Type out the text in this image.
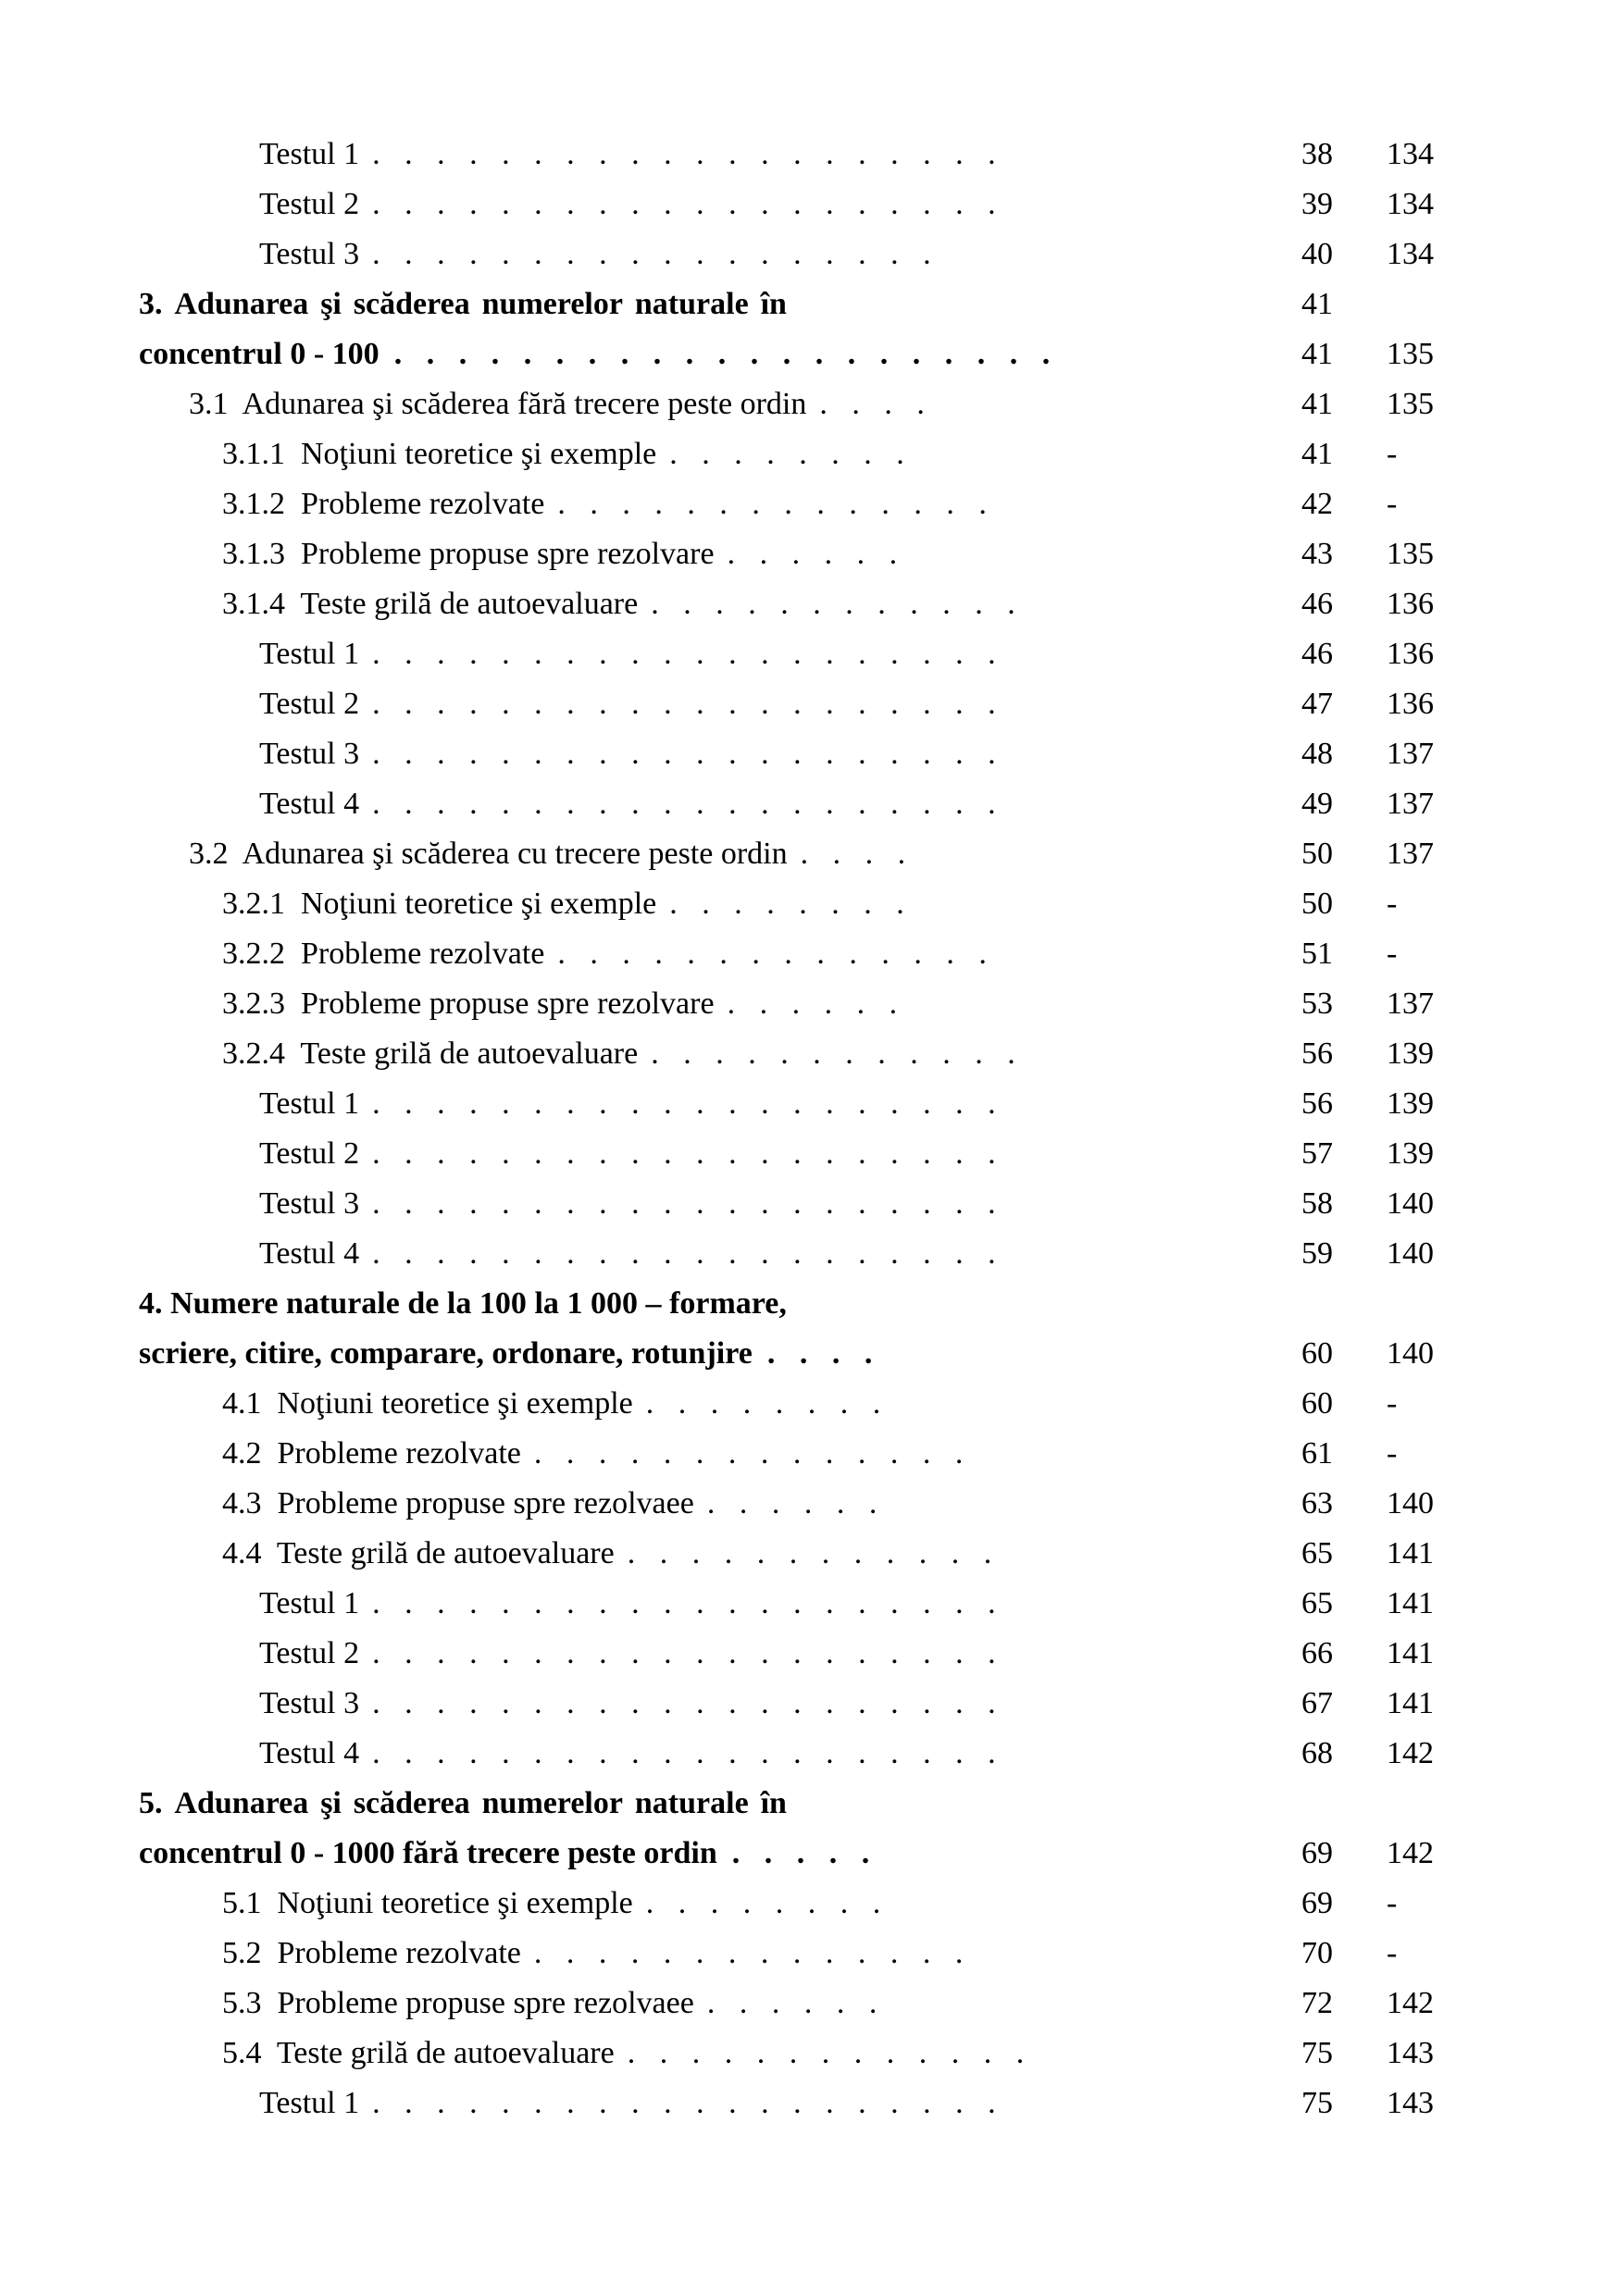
Testul 1 . . . . . . . . . . . . . . . . . . . .	38	134

Testul 2 . . . . . . . . . . . . . . . . . . . .	39	134

Testul 3 . . . . . . . . . . . . . . . . . .	40	134

3. Adunarea şi scăderea numerelor naturale în	41	

concentrul 0 - 100 . . . . . . . . . . . . . . . . . . . . .	41	135

3.1  Adunarea şi scăderea fără trecere peste ordin . . . .	41	135

3.1.1  Noţiuni teoretice şi exemple . . . . . . . .	41	-

3.1.2  Probleme rezolvate . . . . . . . . . . . . . .	42	-

3.1.3  Probleme propuse spre rezolvare . . . . . .	43	135

3.1.4  Teste grilă de autoevaluare . . . . . . . . . . . .	46	136

Testul 1 . . . . . . . . . . . . . . . . . . . .	46	136

Testul 2 . . . . . . . . . . . . . . . . . . . .	47	136

Testul 3 . . . . . . . . . . . . . . . . . . . .	48	137

Testul 4 . . . . . . . . . . . . . . . . . . . .	49	137

3.2  Adunarea şi scăderea cu trecere peste ordin . . . .	50	137

3.2.1  Noţiuni teoretice şi exemple . . . . . . . .	50	-

3.2.2  Probleme rezolvate . . . . . . . . . . . . . .	51	-

3.2.3  Probleme propuse spre rezolvare . . . . . .	53	137

3.2.4  Teste grilă de autoevaluare . . . . . . . . . . . .	56	139

Testul 1 . . . . . . . . . . . . . . . . . . . .	56	139

Testul 2 . . . . . . . . . . . . . . . . . . . .	57	139

Testul 3 . . . . . . . . . . . . . . . . . . . .	58	140

Testul 4 . . . . . . . . . . . . . . . . . . . .	59	140

4. Numere naturale de la 100 la 1 000 – formare,

scriere, citire, comparare, ordonare, rotunjire . . . .	60	140

4.1  Noţiuni teoretice şi exemple . . . . . . . .	60	-

4.2  Probleme rezolvate . . . . . . . . . . . . . .	61	-

4.3  Probleme propuse spre rezolvaee . . . . . .	63	140

4.4  Teste grilă de autoevaluare . . . . . . . . . . . .	65	141

Testul 1 . . . . . . . . . . . . . . . . . . . .	65	141

Testul 2 . . . . . . . . . . . . . . . . . . . .	66	141

Testul 3 . . . . . . . . . . . . . . . . . . . .	67	141

Testul 4 . . . . . . . . . . . . . . . . . . . .	68	142

5. Adunarea şi scăderea numerelor naturale în

concentrul 0 - 1000 fără trecere peste ordin . . . . .	69	142

5.1  Noţiuni teoretice şi exemple . . . . . . . .	69	-

5.2  Probleme rezolvate . . . . . . . . . . . . . .	70	-

5.3  Probleme propuse spre rezolvaee . . . . . .	72	142

5.4  Teste grilă de autoevaluare . . . . . . . . . . . . .	75	143

Testul 1 . . . . . . . . . . . . . . . . . . . .	75	143
